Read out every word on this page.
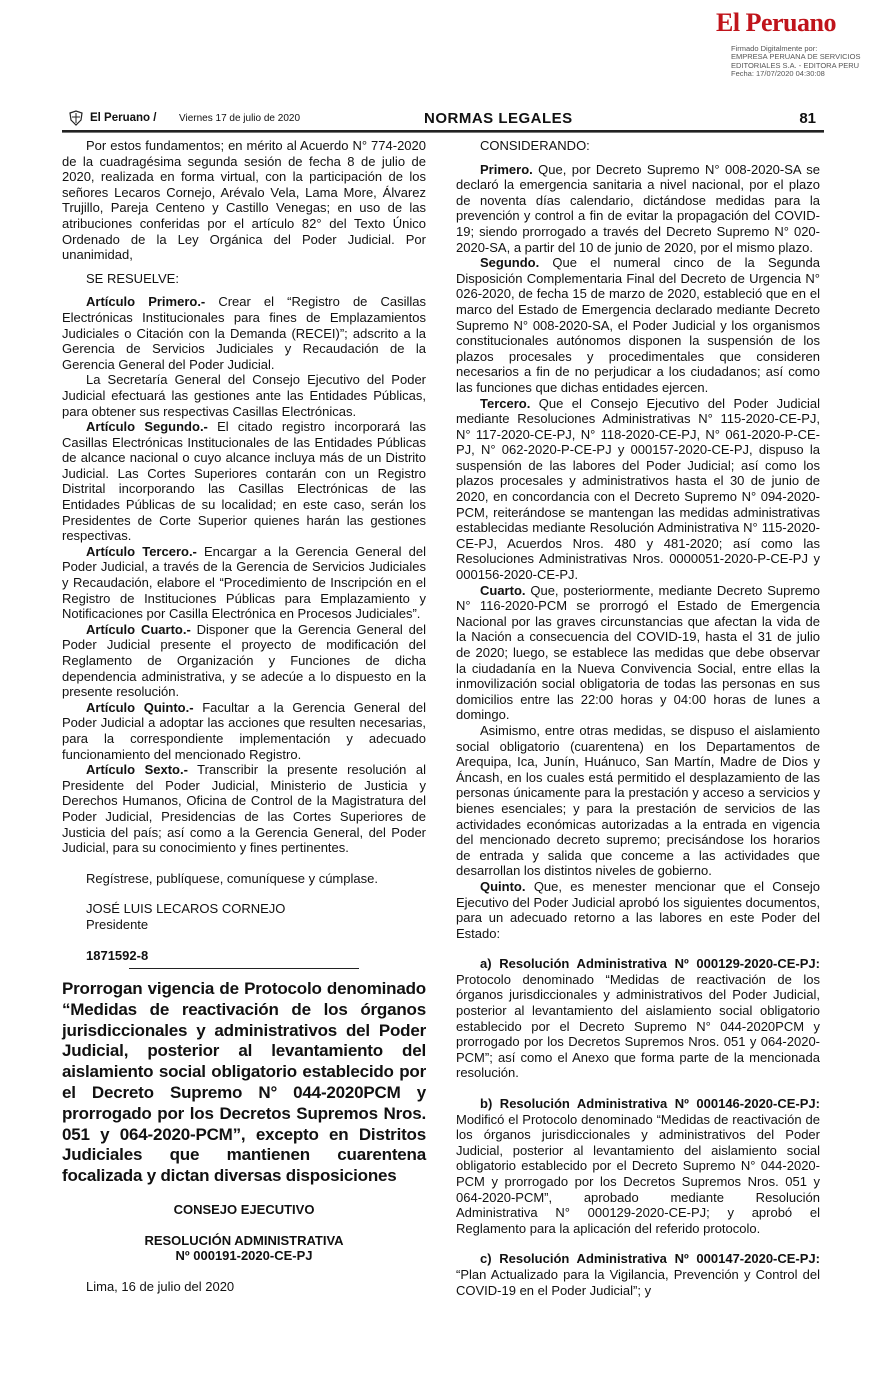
El Peruano
Firmado Digitalmente por:
EMPRESA PERUANA DE SERVICIOS
EDITORIALES S.A. - EDITORA PERU
Fecha: 17/07/2020 04:30:08
El Peruano / Viernes 17 de julio de 2020	NORMAS LEGALES	81

Por estos fundamentos; en mérito al Acuerdo N° 774-2020 de la cuadragésima segunda sesión de fecha 8 de julio de 2020, realizada en forma virtual, con la participación de los señores Lecaros Cornejo, Arévalo Vela, Lama More, Álvarez Trujillo, Pareja Centeno y Castillo Venegas; en uso de las atribuciones conferidas por el artículo 82° del Texto Único Ordenado de la Ley Orgánica del Poder Judicial. Por unanimidad,

SE RESUELVE:

Artículo Primero.- Crear el “Registro de Casillas Electrónicas Institucionales para fines de Emplazamientos Judiciales o Citación con la Demanda (RECEI)”; adscrito a la Gerencia de Servicios Judiciales y Recaudación de la Gerencia General del Poder Judicial.

La Secretaría General del Consejo Ejecutivo del Poder Judicial efectuará las gestiones ante las Entidades Públicas, para obtener sus respectivas Casillas Electrónicas.

Artículo Segundo.- El citado registro incorporará las Casillas Electrónicas Institucionales de las Entidades Públicas de alcance nacional o cuyo alcance incluya más de un Distrito Judicial. Las Cortes Superiores contarán con un Registro Distrital incorporando las Casillas Electrónicas de las Entidades Públicas de su localidad; en este caso, serán los Presidentes de Corte Superior quienes harán las gestiones respectivas.

Artículo Tercero.- Encargar a la Gerencia General del Poder Judicial, a través de la Gerencia de Servicios Judiciales y Recaudación, elabore el “Procedimiento de Inscripción en el Registro de Instituciones Públicas para Emplazamiento y Notificaciones por Casilla Electrónica en Procesos Judiciales”.

Artículo Cuarto.- Disponer que la Gerencia General del Poder Judicial presente el proyecto de modificación del Reglamento de Organización y Funciones de dicha dependencia administrativa, y se adecúe a lo dispuesto en la presente resolución.

Artículo Quinto.- Facultar a la Gerencia General del Poder Judicial a adoptar las acciones que resulten necesarias, para la correspondiente implementación y adecuado funcionamiento del mencionado Registro.

Artículo Sexto.- Transcribir la presente resolución al Presidente del Poder Judicial, Ministerio de Justicia y Derechos Humanos, Oficina de Control de la Magistratura del Poder Judicial, Presidencias de las Cortes Superiores de Justicia del país; así como a la Gerencia General, del Poder Judicial, para su conocimiento y fines pertinentes.

Regístrese, publíquese, comuníquese y cúmplase.

JOSÉ LUIS LECAROS CORNEJO

Presidente

1871592-8

Prorrogan vigencia de Protocolo denominado “Medidas de reactivación de los órganos jurisdiccionales y administrativos del Poder Judicial, posterior al levantamiento del aislamiento social obligatorio establecido por el Decreto Supremo N° 044-2020PCM y prorrogado por los Decretos Supremos Nros. 051 y 064-2020-PCM”, excepto en Distritos Judiciales que mantienen cuarentena focalizada y dictan diversas disposiciones

CONSEJO EJECUTIVO

RESOLUCIÓN ADMINISTRATIVA

Nº 000191-2020-CE-PJ

Lima, 16 de julio del 2020

CONSIDERANDO:

Primero. Que, por Decreto Supremo N° 008-2020-SA se declaró la emergencia sanitaria a nivel nacional, por el plazo de noventa días calendario, dictándose medidas para la prevención y control a fin de evitar la propagación del COVID-19; siendo prorrogado a través del Decreto Supremo N° 020-2020-SA, a partir del 10 de junio de 2020, por el mismo plazo.

Segundo. Que el numeral cinco de la Segunda Disposición Complementaria Final del Decreto de Urgencia N° 026-2020, de fecha 15 de marzo de 2020, estableció que en el marco del Estado de Emergencia declarado mediante Decreto Supremo N° 008-2020-SA, el Poder Judicial y los organismos constitucionales autónomos disponen la suspensión de los plazos procesales y procedimentales que consideren necesarios a fin de no perjudicar a los ciudadanos; así como las funciones que dichas entidades ejercen.

Tercero. Que el Consejo Ejecutivo del Poder Judicial mediante Resoluciones Administrativas N° 115-2020-CE-PJ, N° 117-2020-CE-PJ, N° 118-2020-CE-PJ, N° 061-2020-P-CE-PJ, N° 062-2020-P-CE-PJ y 000157-2020-CE-PJ, dispuso la suspensión de las labores del Poder Judicial; así como los plazos procesales y administrativos hasta el 30 de junio de 2020, en concordancia con el Decreto Supremo N° 094-2020-PCM, reiterándose se mantengan las medidas administrativas establecidas mediante Resolución Administrativa N° 115-2020-CE-PJ, Acuerdos Nros. 480 y 481-2020; así como las Resoluciones Administrativas Nros. 0000051-2020-P-CE-PJ y 000156-2020-CE-PJ.

Cuarto. Que, posteriormente, mediante Decreto Supremo N° 116-2020-PCM se prorrogó el Estado de Emergencia Nacional por las graves circunstancias que afectan la vida de la Nación a consecuencia del COVID-19, hasta el 31 de julio de 2020; luego, se establece las medidas que debe observar la ciudadanía en la Nueva Convivencia Social, entre ellas la inmovilización social obligatoria de todas las personas en sus domicilios entre las 22:00 horas y 04:00 horas de lunes a domingo.

Asimismo, entre otras medidas, se dispuso el aislamiento social obligatorio (cuarentena) en los Departamentos de Arequipa, Ica, Junín, Huánuco, San Martín, Madre de Dios y Áncash, en los cuales está permitido el desplazamiento de las personas únicamente para la prestación y acceso a servicios y bienes esenciales; y para la prestación de servicios de las actividades económicas autorizadas a la entrada en vigencia del mencionado decreto supremo; precisándose los horarios de entrada y salida que conceme a las actividades que desarrollan los distintos niveles de gobierno.

Quinto. Que, es menester mencionar que el Consejo Ejecutivo del Poder Judicial aprobó los siguientes documentos, para un adecuado retorno a las labores en este Poder del Estado:

a) Resolución Administrativa Nº 000129-2020-CE-PJ: Protocolo denominado “Medidas de reactivación de los órganos jurisdiccionales y administrativos del Poder Judicial, posterior al levantamiento del aislamiento social obligatorio establecido por el Decreto Supremo N° 044-2020PCM y prorrogado por los Decretos Supremos Nros. 051 y 064-2020-PCM”; así como el Anexo que forma parte de la mencionada resolución.

b) Resolución Administrativa Nº 000146-2020-CE-PJ: Modificó el Protocolo denominado “Medidas de reactivación de los órganos jurisdiccionales y administrativos del Poder Judicial, posterior al levantamiento del aislamiento social obligatorio establecido por el Decreto Supremo N° 044-2020-PCM y prorrogado por los Decretos Supremos Nros. 051 y 064-2020-PCM”, aprobado mediante Resolución Administrativa N° 000129-2020-CE-PJ; y aprobó el Reglamento para la aplicación del referido protocolo.

c) Resolución Administrativa Nº 000147-2020-CE-PJ: “Plan Actualizado para la Vigilancia, Prevención y Control del COVID-19 en el Poder Judicial”; y
